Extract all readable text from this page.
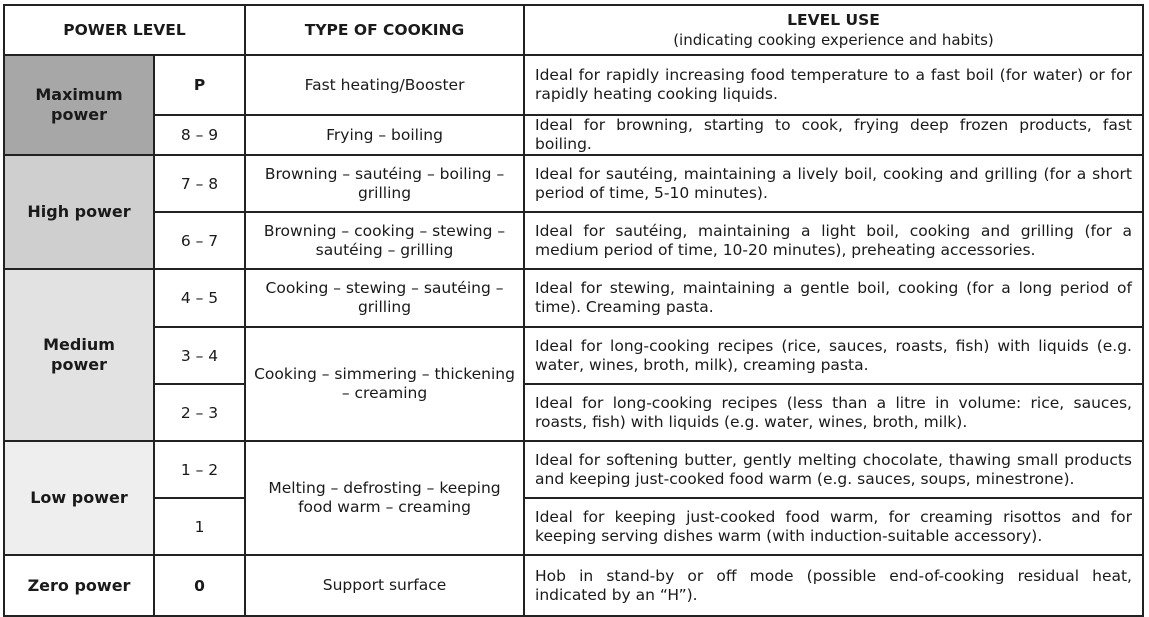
POWER LEVEL		TYPE OF COOKING	LEVEL USE
(indicating cooking experience and habits)

Maximum power	P	Fast heating/Booster	Ideal for rapidly increasing food temperature to a fast boil (for water) or for rapidly heating cooking liquids.
	8 – 9	Frying – boiling	Ideal for browning, starting to cook, frying deep frozen products, fast boiling.
High power	7 – 8	Browning – sautéing – boiling – grilling	Ideal for sautéing, maintaining a lively boil, cooking and grilling (for a short period of time, 5-10 minutes).
	6 – 7	Browning – cooking – stewing – sautéing – grilling	Ideal for sautéing, maintaining a light boil, cooking and grilling (for a medium period of time, 10-20 minutes), preheating accessories.
Medium power	4 – 5	Cooking – stewing – sautéing – grilling	Ideal for stewing, maintaining a gentle boil, cooking (for a long period of time). Creaming pasta.
	3 – 4	Cooking – simmering – thickening – creaming	Ideal for long-cooking recipes (rice, sauces, roasts, fish) with liquids (e.g. water, wines, broth, milk), creaming pasta.
	2 – 3		Ideal for long-cooking recipes (less than a litre in volume: rice, sauces, roasts, fish) with liquids (e.g. water, wines, broth, milk).
Low power	1 – 2	Melting – defrosting – keeping food warm – creaming	Ideal for softening butter, gently melting chocolate, thawing small products and keeping just-cooked food warm (e.g. sauces, soups, minestrone).
	1		Ideal for keeping just-cooked food warm, for creaming risottos and for keeping serving dishes warm (with induction-suitable accessory).
Zero power	0	Support surface	Hob in stand-by or off mode (possible end-of-cooking residual heat, indicated by an “H”).
